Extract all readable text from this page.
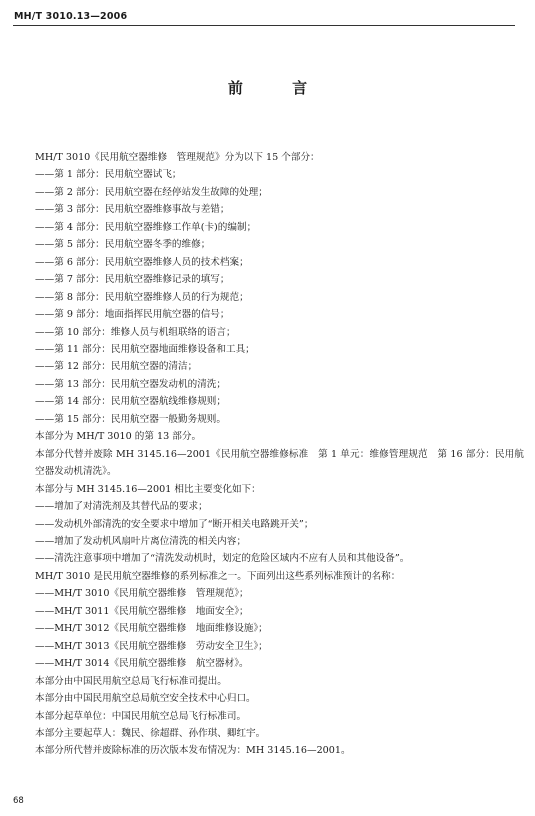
MH/T 3010.13—2006
前 言
MH/T 3010《民用航空器维修　管理规范》分为以下 15 个部分：
——第 1 部分：民用航空器试飞；
——第 2 部分：民用航空器在经停站发生故障的处理；
——第 3 部分：民用航空器维修事故与差错；
——第 4 部分：民用航空器维修工作单(卡)的编制；
——第 5 部分：民用航空器冬季的维修；
——第 6 部分：民用航空器维修人员的技术档案；
——第 7 部分：民用航空器维修记录的填写；
——第 8 部分：民用航空器维修人员的行为规范；
——第 9 部分：地面指挥民用航空器的信号；
——第 10 部分：维修人员与机组联络的语言；
——第 11 部分：民用航空器地面维修设备和工具；
——第 12 部分：民用航空器的清洁；
——第 13 部分：民用航空器发动机的清洗；
——第 14 部分：民用航空器航线维修规则；
——第 15 部分：民用航空器一般勤务规则。
本部分为 MH/T 3010 的第 13 部分。
本部分代替并废除 MH 3145.16—2001《民用航空器维修标准　第 1 单元：维修管理规范　第 16 部分：民用航空器发动机清洗》。
本部分与 MH 3145.16—2001 相比主要变化如下：
——增加了对清洗剂及其替代品的要求；
——发动机外部清洗的安全要求中增加了“断开相关电路跳开关”；
——增加了发动机风扇叶片离位清洗的相关内容；
——清洗注意事项中增加了“清洗发动机时，划定的危险区域内不应有人员和其他设备”。
MH/T 3010 是民用航空器维修的系列标准之一。下面列出这些系列标准预计的名称：
——MH/T 3010《民用航空器维修　管理规范》；
——MH/T 3011《民用航空器维修　地面安全》；
——MH/T 3012《民用航空器维修　地面维修设施》；
——MH/T 3013《民用航空器维修　劳动安全卫生》；
——MH/T 3014《民用航空器维修　航空器材》。
本部分由中国民用航空总局飞行标准司提出。
本部分由中国民用航空总局航空安全技术中心归口。
本部分起草单位：中国民用航空总局飞行标准司。
本部分主要起草人：魏民、徐超群、孙作琪、卿红宇。
本部分所代替并废除标准的历次版本发布情况为：MH 3145.16—2001。
68
